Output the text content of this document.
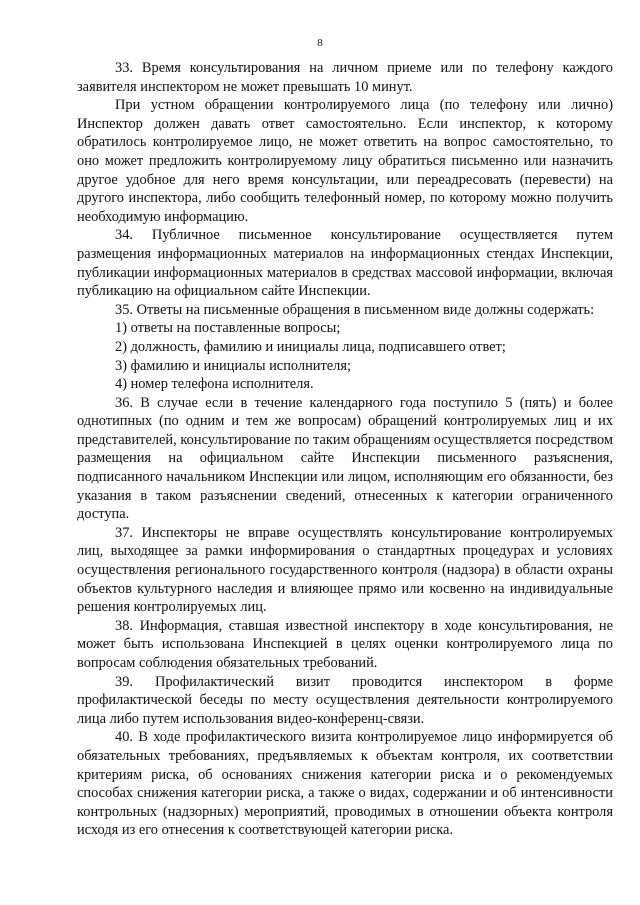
8

33. Время консультирования на личном приеме или по телефону каждого заявителя инспектором не может превышать 10 минут.

При устном обращении контролируемого лица (по телефону или лично) Инспектор должен давать ответ самостоятельно. Если инспектор, к которому обратилось контролируемое лицо, не может ответить на вопрос самостоятельно, то оно может предложить контролируемому лицу обратиться письменно или назначить другое удобное для него время консультации, или переадресовать (перевести) на другого инспектора, либо сообщить телефонный номер, по которому можно получить необходимую информацию.

34. Публичное письменное консультирование осуществляется путем размещения информационных материалов на информационных стендах Инспекции, публикации информационных материалов в средствах массовой информации, включая публикацию на официальном сайте Инспекции.

35. Ответы на письменные обращения в письменном виде должны содержать:

1) ответы на поставленные вопросы;

2) должность, фамилию и инициалы лица, подписавшего ответ;

3) фамилию и инициалы исполнителя;

4) номер телефона исполнителя.

36. В случае если в течение календарного года поступило 5 (пять) и более однотипных (по одним и тем же вопросам) обращений контролируемых лиц и их представителей, консультирование по таким обращениям осуществляется посредством размещения на официальном сайте Инспекции письменного разъяснения, подписанного начальником Инспекции или лицом, исполняющим его обязанности, без указания в таком разъяснении сведений, отнесенных к категории ограниченного доступа.

37. Инспекторы не вправе осуществлять консультирование контролируемых лиц, выходящее за рамки информирования о стандартных процедурах и условиях осуществления регионального государственного контроля (надзора) в области охраны объектов культурного наследия и влияющее прямо или косвенно на индивидуальные решения контролируемых лиц.

38. Информация, ставшая известной инспектору в ходе консультирования, не может быть использована Инспекцией в целях оценки контролируемого лица по вопросам соблюдения обязательных требований.

39. Профилактический визит проводится инспектором в форме профилактической беседы по месту осуществления деятельности контролируемого лица либо путем использования видео-конференц-связи.

40. В ходе профилактического визита контролируемое лицо информируется об обязательных требованиях, предъявляемых к объектам контроля, их соответствии критериям риска, об основаниях снижения категории риска и о рекомендуемых способах снижения категории риска, а также о видах, содержании и об интенсивности контрольных (надзорных) мероприятий, проводимых в отношении объекта контроля исходя из его отнесения к соответствующей категории риска.
